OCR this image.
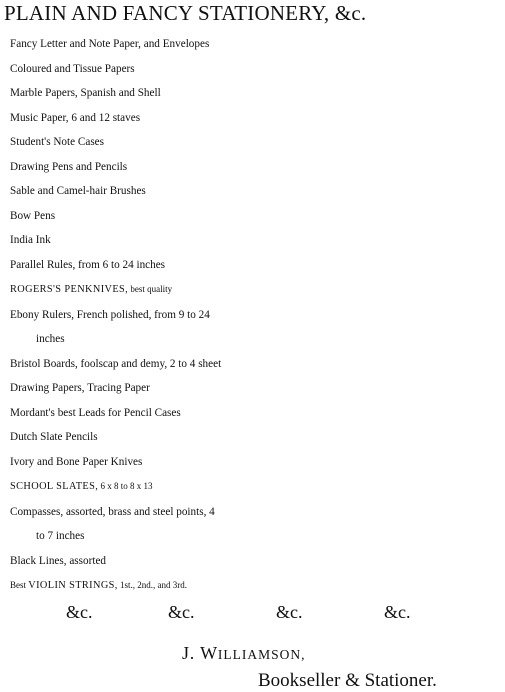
PLAIN AND FANCY STATIONERY, &c.
Fancy Letter and Note Paper, and Envelopes
Coloured and Tissue Papers
Marble Papers, Spanish and Shell
Music Paper, 6 and 12 staves
Student's Note Cases
Drawing Pens and Pencils
Sable and Camel-hair Brushes
Bow Pens
India Ink
Parallel Rules, from 6 to 24 inches
ROGERS'S PENKNIVES, best quality
Ebony Rulers, French polished, from 9 to 24
inches
Bristol Boards, foolscap and demy, 2 to 4 sheet
Drawing Papers, Tracing Paper
Mordant's best Leads for Pencil Cases
Dutch Slate Pencils
Ivory and Bone Paper Knives
SCHOOL SLATES, 6 x 8 to 8 x 13
Compasses, assorted, brass and steel points, 4
to 7 inches
Black Lines, assorted
Best VIOLIN STRINGS, 1st., 2nd., and 3rd.
&c.	&c.	&c.	&c.
J. WILLIAMSON,
Bookseller & Stationer.
